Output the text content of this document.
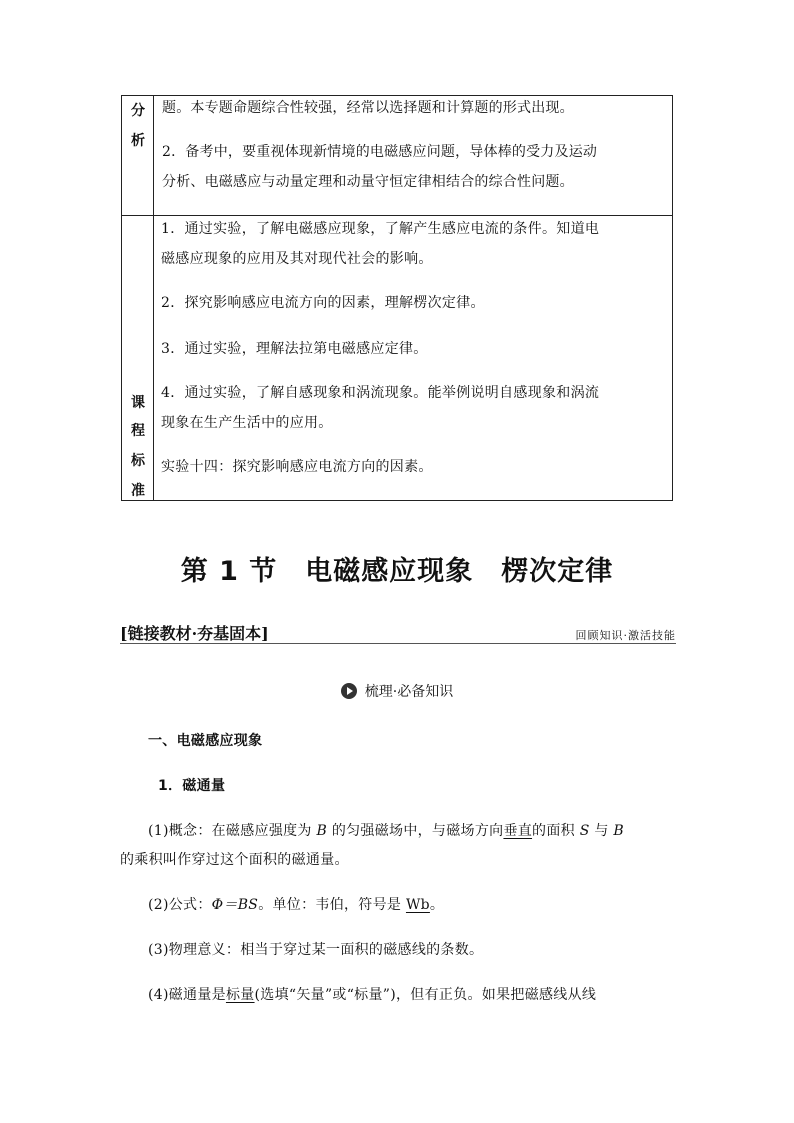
分
析

题。本专题命题综合性较强，经常以选择题和计算题的形式出现。

2．备考中，要重视体现新情境的电磁感应问题，导体棒的受力及运动

分析、电磁感应与动量定理和动量守恒定律相结合的综合性问题。

课
程
标
准

1．通过实验，了解电磁感应现象，了解产生感应电流的条件。知道电

磁感应现象的应用及其对现代社会的影响。

2．探究影响感应电流方向的因素，理解楞次定律。

3．通过实验，理解法拉第电磁感应定律。

4．通过实验，了解自感现象和涡流现象。能举例说明自感现象和涡流

现象在生产生活中的应用。

实验十四：探究影响感应电流方向的因素。

第 1 节　电磁感应现象　楞次定律
[链接教材·夯基固本]	回顾知识·激活技能
梳理·必备知识

一、电磁感应现象

1．磁通量

(1)概念：在磁感应强度为 B 的匀强磁场中，与磁场方向垂直的面积 S 与 B

的乘积叫作穿过这个面积的磁通量。

(2)公式：Φ＝BS。单位：韦伯，符号是 Wb。

(3)物理意义：相当于穿过某一面积的磁感线的条数。

(4)磁通量是标量(选填“矢量”或“标量”)，但有正负。如果把磁感线从线
